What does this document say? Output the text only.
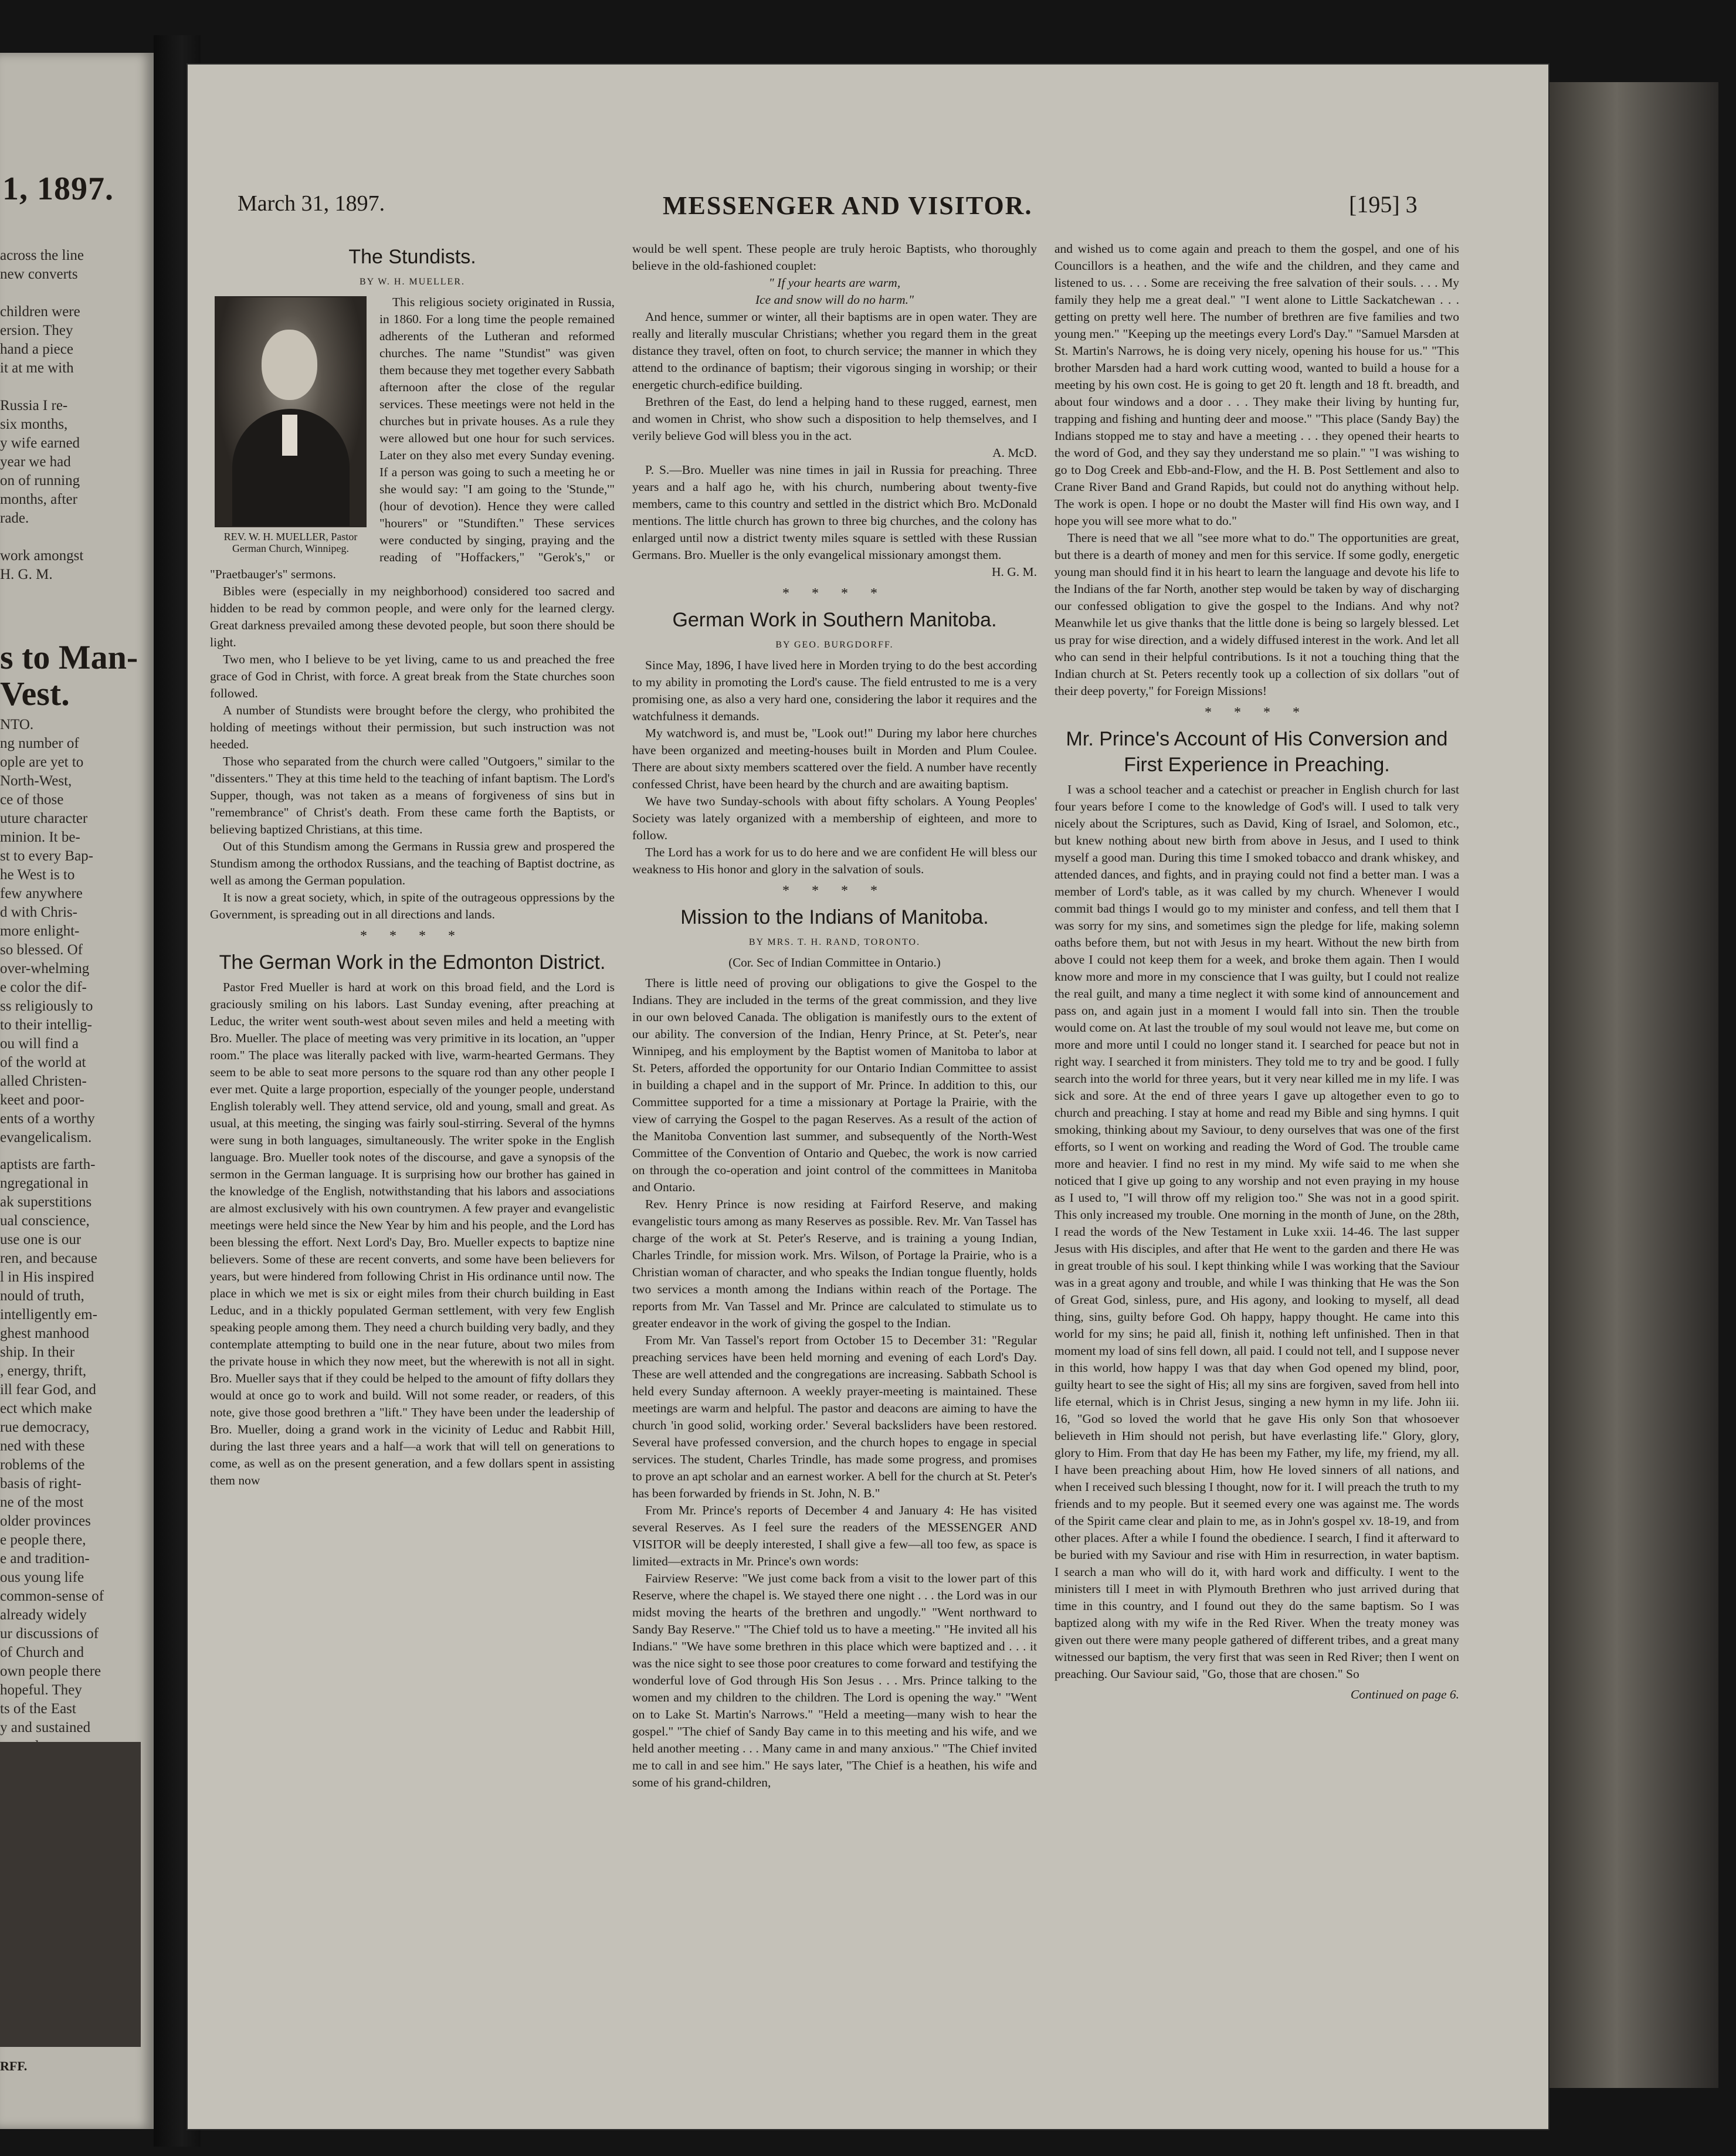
1, 1897.
across the line
new converts

children were
ersion. They
hand a piece
it at me with

Russia I re-
six months,
y wife earned
year we had
on of running
months, after
rade.

work amongst
H. G. M.
s to Man-
Vest.
NTO.
ng number of
ople are yet to
North-West,
ce of those
uture character
minion. It be-
st to every Bap-
he West is to
few anywhere
d with Chris-
more enlight-
so blessed. Of
over-whelming
e color the dif-
ss religiously to
to their intellig-
ou will find a
of the world at
alled Christen-
keet and poor-
ents of a worthy
evangelicalism.
aptists are farth-
ngregational in
ak superstitions
ual conscience,
use one is our
ren, and because
l in His inspired
nould of truth,
intelligently em-
ghest manhood
ship. In their
, energy, thrift,
ill fear God, and
ect which make
rue democracy,
ned with these
roblems of the
basis of right-
ne of the most
older provinces
e people there,
e and tradition-
ous young life
common-sense of
already widely
ur discussions of
of Church and
own people there
hopeful. They
ts of the East
y and sustained
RFF.
March 31, 1897.	MESSENGER AND VISITOR.	[195] 3
The Stundists.
BY W. H. MUELLER.
REV. W. H. MUELLER, Pastor German Church, Winnipeg.

This religious society originated in Russia, in 1860. For a long time the people remained adherents of the Lutheran and reformed churches. The name "Stundist" was given them because they met together every Sabbath afternoon after the close of the regular services. These meetings were not held in the churches but in private houses. As a rule they were allowed but one hour for such services. Later on they also met every Sunday evening. If a person was going to such a meeting he or she would say: "I am going to the 'Stunde,'" (hour of devotion). Hence they were called "hourers" or "Stundiften." These services were conducted by singing, praying and the reading of "Hoffackers," "Gerok's," or "Praetbauger's" sermons.

Bibles were (especially in my neighborhood) considered too sacred and hidden to be read by common people, and were only for the learned clergy. Great darkness prevailed among these devoted people, but soon there should be light.

Two men, who I believe to be yet living, came to us and preached the free grace of God in Christ, with force. A great break from the State churches soon followed.

A number of Stundists were brought before the clergy, who prohibited the holding of meetings without their permission, but such instruction was not heeded.

Those who separated from the church were called "Outgoers," similar to the "dissenters." They at this time held to the teaching of infant baptism. The Lord's Supper, though, was not taken as a means of forgiveness of sins but in "remembrance" of Christ's death. From these came forth the Baptists, or believing baptized Christians, at this time.

Out of this Stundism among the Germans in Russia grew and prospered the Stundism among the orthodox Russians, and the teaching of Baptist doctrine, as well as among the German population.

It is now a great society, which, in spite of the outrageous oppressions by the Government, is spreading out in all directions and lands.

* * * *
The German Work in the Edmonton District.

Pastor Fred Mueller is hard at work on this broad field, and the Lord is graciously smiling on his labors. Last Sunday evening, after preaching at Leduc, the writer went south-west about seven miles and held a meeting with Bro. Mueller. The place of meeting was very primitive in its location, an "upper room." The place was literally packed with live, warm-hearted Germans. They seem to be able to seat more persons to the square rod than any other people I ever met. Quite a large proportion, especially of the younger people, understand English tolerably well. They attend service, old and young, small and great. As usual, at this meeting, the singing was fairly soul-stirring. Several of the hymns were sung in both languages, simultaneously. The writer spoke in the English language. Bro. Mueller took notes of the discourse, and gave a synopsis of the sermon in the German language. It is surprising how our brother has gained in the knowledge of the English, notwithstanding that his labors and associations are almost exclusively with his own countrymen. A few prayer and evangelistic meetings were held since the New Year by him and his people, and the Lord has been blessing the effort. Next Lord's Day, Bro. Mueller expects to baptize nine believers. Some of these are recent converts, and some have been believers for years, but were hindered from following Christ in His ordinance until now. The place in which we met is six or eight miles from their church building in East Leduc, and in a thickly populated German settlement, with very few English speaking people among them. They need a church building very badly, and they contemplate attempting to build one in the near future, about two miles from the private house in which they now meet, but the wherewith is not all in sight. Bro. Mueller says that if they could be helped to the amount of fifty dollars they would at once go to work and build. Will not some reader, or readers, of this note, give those good brethren a "lift." They have been under the leadership of Bro. Mueller, doing a grand work in the vicinity of Leduc and Rabbit Hill, during the last three years and a half—a work that will tell on generations to come, as well as on the present generation, and a few dollars spent in assisting them now

would be well spent. These people are truly heroic Baptists, who thoroughly believe in the old-fashioned couplet:

" If your hearts are warm,

Ice and snow will do no harm."

And hence, summer or winter, all their baptisms are in open water. They are really and literally muscular Christians; whether you regard them in the great distance they travel, often on foot, to church service; the manner in which they attend to the ordinance of baptism; their vigorous singing in worship; or their energetic church-edifice building.

Brethren of the East, do lend a helping hand to these rugged, earnest, men and women in Christ, who show such a disposition to help themselves, and I verily believe God will bless you in the act.

A. McD.

P. S.—Bro. Mueller was nine times in jail in Russia for preaching. Three years and a half ago he, with his church, numbering about twenty-five members, came to this country and settled in the district which Bro. McDonald mentions. The little church has grown to three big churches, and the colony has enlarged until now a district twenty miles square is settled with these Russian Germans. Bro. Mueller is the only evangelical missionary amongst them.

H. G. M.

* * * *
German Work in Southern Manitoba.
BY GEO. BURGDORFF.

Since May, 1896, I have lived here in Morden trying to do the best according to my ability in promoting the Lord's cause. The field entrusted to me is a very promising one, as also a very hard one, considering the labor it requires and the watchfulness it demands.

My watchword is, and must be, "Look out!" During my labor here churches have been organized and meeting-houses built in Morden and Plum Coulee. There are about sixty members scattered over the field. A number have recently confessed Christ, have been heard by the church and are awaiting baptism.

We have two Sunday-schools with about fifty scholars. A Young Peoples' Society was lately organized with a membership of eighteen, and more to follow.

The Lord has a work for us to do here and we are confident He will bless our weakness to His honor and glory in the salvation of souls.

* * * *
Mission to the Indians of Manitoba.
BY MRS. T. H. RAND, TORONTO.
(Cor. Sec of Indian Committee in Ontario.)

There is little need of proving our obligations to give the Gospel to the Indians. They are included in the terms of the great commission, and they live in our own beloved Canada. The obligation is manifestly ours to the extent of our ability. The conversion of the Indian, Henry Prince, at St. Peter's, near Winnipeg, and his employment by the Baptist women of Manitoba to labor at St. Peters, afforded the opportunity for our Ontario Indian Committee to assist in building a chapel and in the support of Mr. Prince. In addition to this, our Committee supported for a time a missionary at Portage la Prairie, with the view of carrying the Gospel to the pagan Reserves. As a result of the action of the Manitoba Convention last summer, and subsequently of the North-West Committee of the Convention of Ontario and Quebec, the work is now carried on through the co-operation and joint control of the committees in Manitoba and Ontario.

Rev. Henry Prince is now residing at Fairford Reserve, and making evangelistic tours among as many Reserves as possible. Rev. Mr. Van Tassel has charge of the work at St. Peter's Reserve, and is training a young Indian, Charles Trindle, for mission work. Mrs. Wilson, of Portage la Prairie, who is a Christian woman of character, and who speaks the Indian tongue fluently, holds two services a month among the Indians within reach of the Portage. The reports from Mr. Van Tassel and Mr. Prince are calculated to stimulate us to greater endeavor in the work of giving the gospel to the Indian.

From Mr. Van Tassel's report from October 15 to December 31: "Regular preaching services have been held morning and evening of each Lord's Day. These are well attended and the congregations are increasing. Sabbath School is held every Sunday afternoon. A weekly prayer-meeting is maintained. These meetings are warm and helpful. The pastor and deacons are aiming to have the church 'in good solid, working order.' Several backsliders have been restored. Several have professed conversion, and the church hopes to engage in special services. The student, Charles Trindle, has made some progress, and promises to prove an apt scholar and an earnest worker. A bell for the church at St. Peter's has been forwarded by friends in St. John, N. B."

From Mr. Prince's reports of December 4 and January 4: He has visited several Reserves. As I feel sure the readers of the MESSENGER AND VISITOR will be deeply interested, I shall give a few—all too few, as space is limited—extracts in Mr. Prince's own words:

Fairview Reserve: "We just come back from a visit to the lower part of this Reserve, where the chapel is. We stayed there one night . . . the Lord was in our midst moving the hearts of the brethren and ungodly." "Went northward to Sandy Bay Reserve." "The Chief told us to have a meeting." "He invited all his Indians." "We have some brethren in this place which were baptized and . . . it was the nice sight to see those poor creatures to come forward and testifying the wonderful love of God through His Son Jesus . . . Mrs. Prince talking to the women and my children to the children. The Lord is opening the way." "Went on to Lake St. Martin's Narrows." "Held a meeting—many wish to hear the gospel." "The chief of Sandy Bay came in to this meeting and his wife, and we held another meeting . . . Many came in and many anxious." "The Chief invited me to call in and see him." He says later, "The Chief is a heathen, his wife and some of his grand-children,

and wished us to come again and preach to them the gospel, and one of his Councillors is a heathen, and the wife and the children, and they came and listened to us. . . . Some are receiving the free salvation of their souls. . . . My family they help me a great deal." "I went alone to Little Sackatchewan . . . getting on pretty well here. The number of brethren are five families and two young men." "Keeping up the meetings every Lord's Day." "Samuel Marsden at St. Martin's Narrows, he is doing very nicely, opening his house for us." "This brother Marsden had a hard work cutting wood, wanted to build a house for a meeting by his own cost. He is going to get 20 ft. length and 18 ft. breadth, and about four windows and a door . . . They make their living by hunting fur, trapping and fishing and hunting deer and moose." "This place (Sandy Bay) the Indians stopped me to stay and have a meeting . . . they opened their hearts to the word of God, and they say they understand me so plain." "I was wishing to go to Dog Creek and Ebb-and-Flow, and the H. B. Post Settlement and also to Crane River Band and Grand Rapids, but could not do anything without help. The work is open. I hope or no doubt the Master will find His own way, and I hope you will see more what to do."

There is need that we all "see more what to do." The opportunities are great, but there is a dearth of money and men for this service. If some godly, energetic young man should find it in his heart to learn the language and devote his life to the Indians of the far North, another step would be taken by way of discharging our confessed obligation to give the gospel to the Indians. And why not? Meanwhile let us give thanks that the little done is being so largely blessed. Let us pray for wise direction, and a widely diffused interest in the work. And let all who can send in their helpful contributions. Is it not a touching thing that the Indian church at St. Peters recently took up a collection of six dollars "out of their deep poverty," for Foreign Missions!

* * * *
Mr. Prince's Account of His Conversion and First Experience in Preaching.

I was a school teacher and a catechist or preacher in English church for last four years before I come to the knowledge of God's will. I used to talk very nicely about the Scriptures, such as David, King of Israel, and Solomon, etc., but knew nothing about new birth from above in Jesus, and I used to think myself a good man. During this time I smoked tobacco and drank whiskey, and attended dances, and fights, and in praying could not find a better man. I was a member of Lord's table, as it was called by my church. Whenever I would commit bad things I would go to my minister and confess, and tell them that I was sorry for my sins, and sometimes sign the pledge for life, making solemn oaths before them, but not with Jesus in my heart. Without the new birth from above I could not keep them for a week, and broke them again. Then I would know more and more in my conscience that I was guilty, but I could not realize the real guilt, and many a time neglect it with some kind of announcement and pass on, and again just in a moment I would fall into sin. Then the trouble would come on. At last the trouble of my soul would not leave me, but come on more and more until I could no longer stand it. I searched for peace but not in right way. I searched it from ministers. They told me to try and be good. I fully search into the world for three years, but it very near killed me in my life. I was sick and sore. At the end of three years I gave up altogether even to go to church and preaching. I stay at home and read my Bible and sing hymns. I quit smoking, thinking about my Saviour, to deny ourselves that was one of the first efforts, so I went on working and reading the Word of God. The trouble came more and heavier. I find no rest in my mind. My wife said to me when she noticed that I give up going to any worship and not even praying in my house as I used to, "I will throw off my religion too." She was not in a good spirit. This only increased my trouble. One morning in the month of June, on the 28th, I read the words of the New Testament in Luke xxii. 14-46. The last supper Jesus with His disciples, and after that He went to the garden and there He was in great trouble of his soul. I kept thinking while I was working that the Saviour was in a great agony and trouble, and while I was thinking that He was the Son of Great God, sinless, pure, and His agony, and looking to myself, all dead thing, sins, guilty before God. Oh happy, happy thought. He came into this world for my sins; he paid all, finish it, nothing left unfinished. Then in that moment my load of sins fell down, all paid. I could not tell, and I suppose never in this world, how happy I was that day when God opened my blind, poor, guilty heart to see the sight of His; all my sins are forgiven, saved from hell into life eternal, which is in Christ Jesus, singing a new hymn in my life. John iii. 16, "God so loved the world that he gave His only Son that whosoever believeth in Him should not perish, but have everlasting life." Glory, glory, glory to Him. From that day He has been my Father, my life, my friend, my all. I have been preaching about Him, how He loved sinners of all nations, and when I received such blessing I thought, now for it. I will preach the truth to my friends and to my people. But it seemed every one was against me. The words of the Spirit came clear and plain to me, as in John's gospel xv. 18-19, and from other places. After a while I found the obedience. I search, I find it afterward to be buried with my Saviour and rise with Him in resurrection, in water baptism. I search a man who will do it, with hard work and difficulty. I went to the ministers till I meet in with Plymouth Brethren who just arrived during that time in this country, and I found out they do the same baptism. So I was baptized along with my wife in the Red River. When the treaty money was given out there were many people gathered of different tribes, and a great many witnessed our baptism, the very first that was seen in Red River; then I went on preaching. Our Saviour said, "Go, those that are chosen." So

Continued on page 6.
